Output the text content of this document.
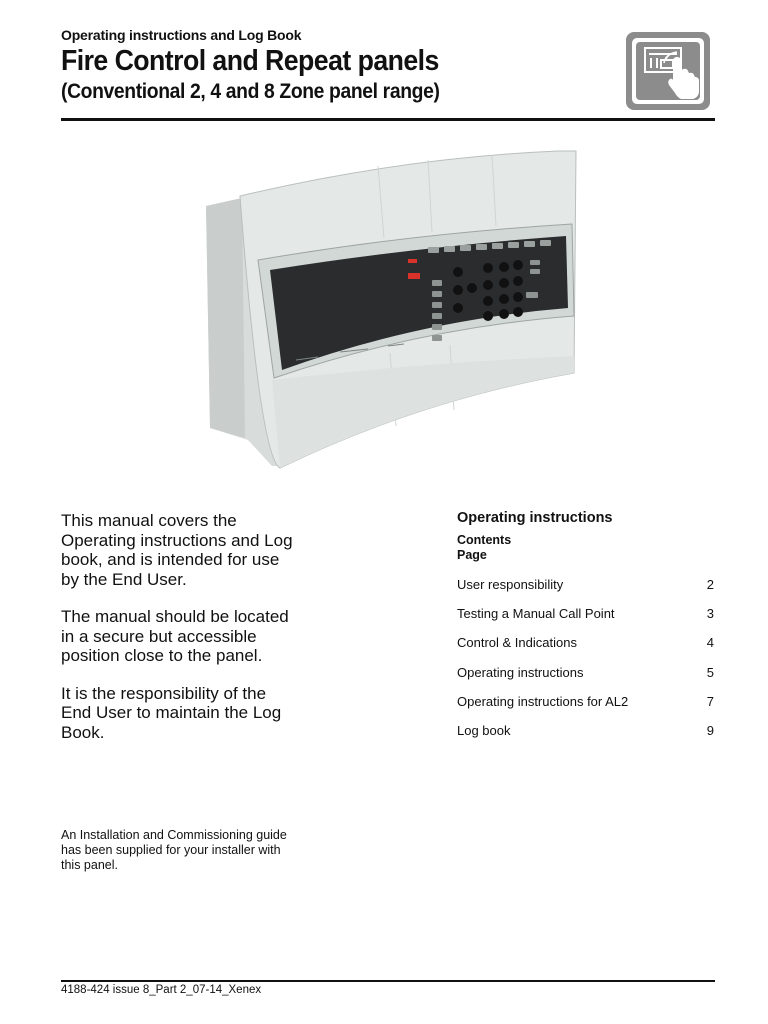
Operating instructions and Log Book

Fire Control and Repeat panels
(Conventional 2, 4 and 8 Zone panel range)

This manual covers the Operating instructions and Log book, and is intended for use by the End User.

The manual should be located in a secure but accessible position close to the panel.

It is the responsibility of the End User to maintain the Log Book.

An Installation and Commissioning guide has been supplied for your installer with this panel.

Operating instructions

Contents

Page

User responsibility	2
Testing a Manual Call Point	3
Control & Indications	4
Operating instructions	5
Operating instructions for AL2	7
Log book	9

4188-424 issue 8_Part 2_07-14_Xenex
